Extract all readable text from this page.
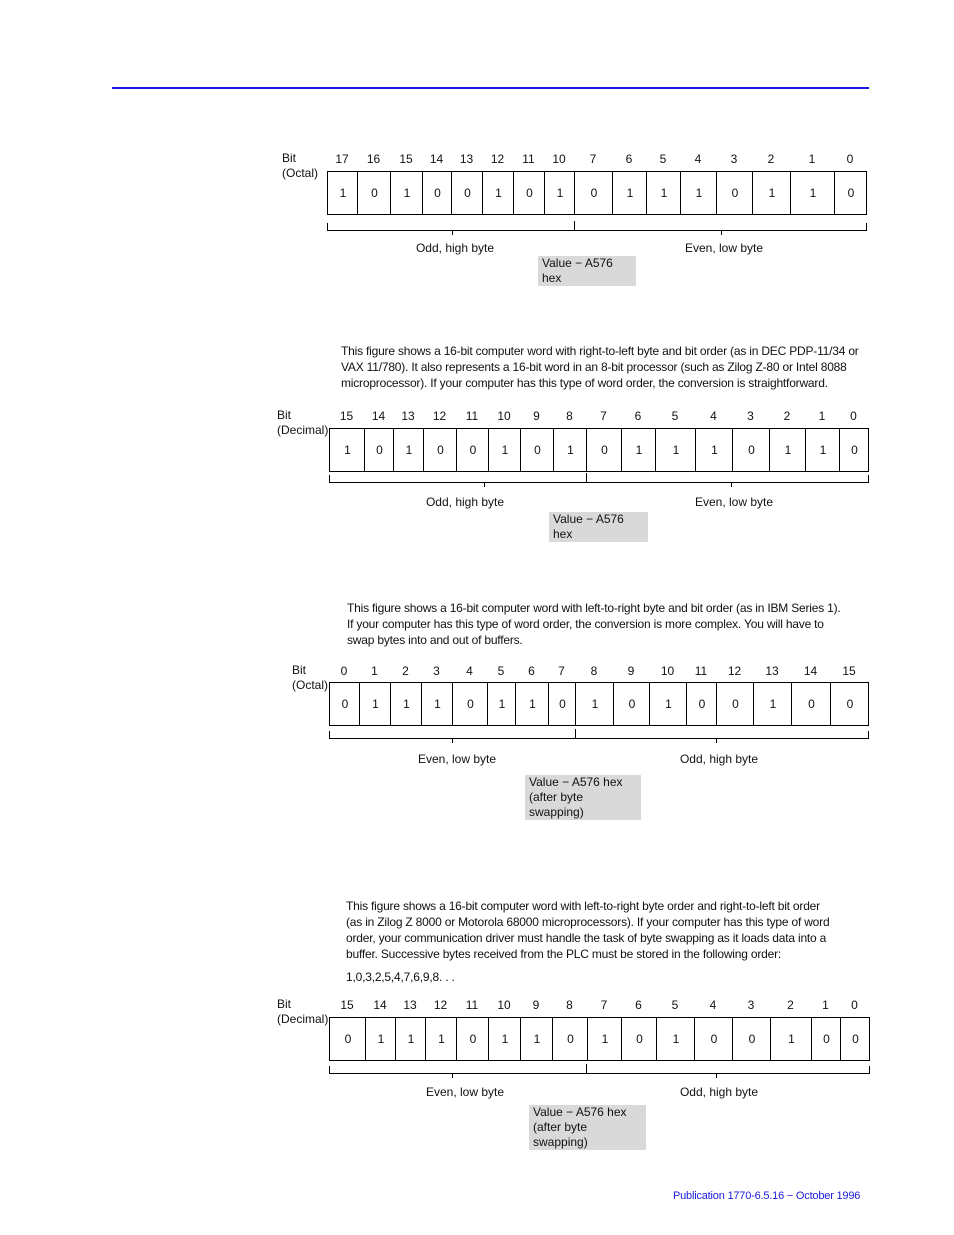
Bit
(Octal)
17 16 15 14 13 12 11 10 7 6 5 4 3	2	1	0
1	0	1	0	0	1	0	1	0	1	1	1	0	1	1	0
Odd, high byte	Even, low byte
Value − A576 hex

This figure shows a 16-bit computer word with right-to-left byte and bit order (as in DEC PDP-11/34 or

VAX 11/780). It also represents a 16-bit word in an 8-bit processor (such as Zilog Z-80 or Intel 8088

microprocessor). If your computer has this type of word order, the conversion is straightforward.

Bit
(Decimal)
15 14 13 12 11 10 9 8 7 6	5	4	3 2 1 0
1	0	1	0	0	1	0	1	0	1	1	1	0	1	1	0
Odd, high byte	Even, low byte
Value − A576 hex

This figure shows a 16-bit computer word with left-to-right byte and bit order (as in IBM Series 1).

If your computer has this type of word order, the conversion is more complex. You will have to

swap bytes into and out of buffers.

Bit
(Octal)
0 1 2 3 4 5 6 7 8	9 10 11 12 13 14 15
0	1	1	1	0	1	1	0	1	0	1	0	0	1	0	0
Even, low byte	Odd, high byte
Value − A576 hex
(after byte swapping)

This figure shows a 16-bit computer word with left-to-right byte order and right-to-left bit order

(as in Zilog Z 8000 or Motorola 68000 microprocessors). If your computer has this type of word

order, your communication driver must handle the task of byte swapping as it loads data into a

buffer. Successive bytes received from the PLC must be stored in the following order:

1,0,3,2,5,4,7,6,9,8. . .

Bit
(Decimal)
15 14 13 12 11 10 9 8 7 6 5	4	3	2 1 0
0	1	1	1	0	1	1	0	1	0	1	0	0	1	0	0
Even, low byte	Odd, high byte
Value − A576 hex
(after byte swapping)
Publication 1770-6.5.16 − October 1996
